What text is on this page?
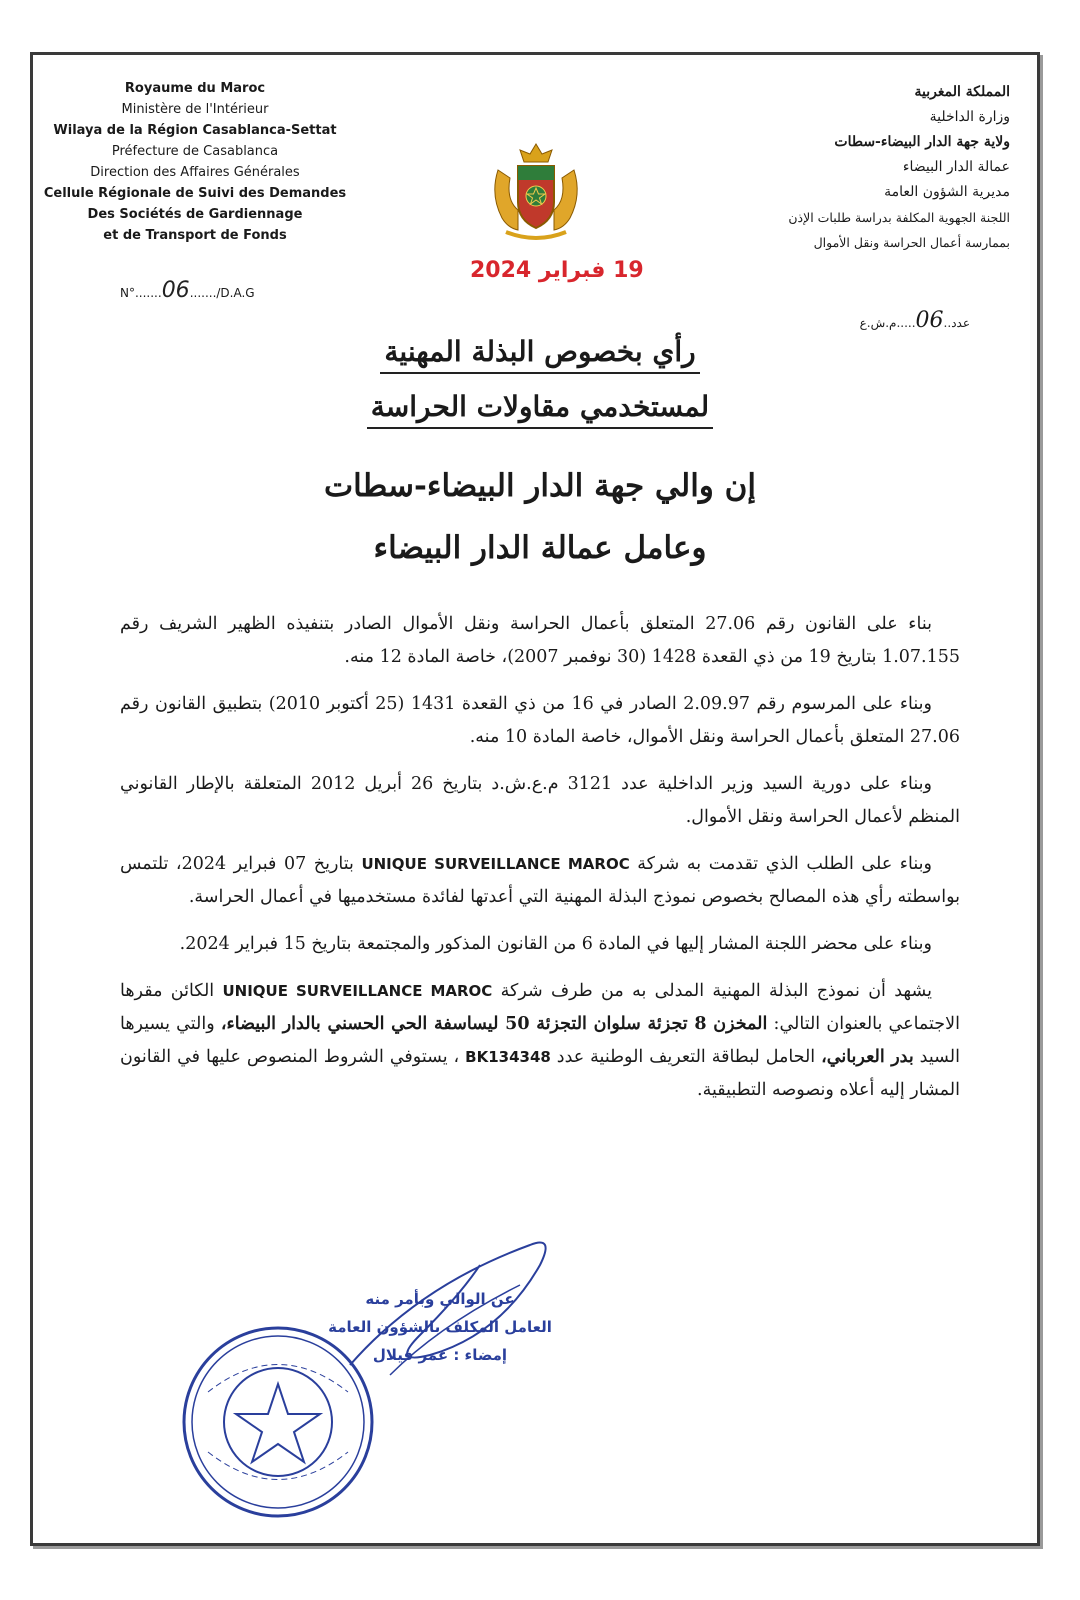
Royaume du Maroc
Ministère de l'Intérieur
Wilaya de la Région Casablanca-Settat
Préfecture de Casablanca
Direction des Affaires Générales
Cellule Régionale de Suivi des Demandes
Des Sociétés de Gardiennage
et de Transport de Fonds
المملكة المغربية
وزارة الداخلية
ولاية جهة الدار البيضاء-سطات
عمالة الدار البيضاء
مديرية الشؤون العامة
اللجنة الجهوية المكلفة بدراسة طلبات الإذن
بممارسة أعمال الحراسة ونقل الأموال
N°.......06......./D.A.G
عدد..06.....م.ش.ع
19 فبراير 2024
رأي بخصوص البذلة المهنية
لمستخدمي مقاولات الحراسة
إن والي جهة الدار البيضاء-سطات
وعامل عمالة الدار البيضاء

بناء على القانون رقم 27.06 المتعلق بأعمال الحراسة ونقل الأموال الصادر بتنفيذه الظهير الشريف رقم 1.07.155 بتاريخ 19 من ذي القعدة 1428 (30 نوفمبر 2007)، خاصة المادة 12 منه.

وبناء على المرسوم رقم 2.09.97 الصادر في 16 من ذي القعدة 1431 (25 أكتوبر 2010) بتطبيق القانون رقم 27.06 المتعلق بأعمال الحراسة ونقل الأموال، خاصة المادة 10 منه.

وبناء على دورية السيد وزير الداخلية عدد 3121 م.ع.ش.د بتاريخ 26 أبريل 2012 المتعلقة بالإطار القانوني المنظم لأعمال الحراسة ونقل الأموال.

وبناء على الطلب الذي تقدمت به شركة UNIQUE SURVEILLANCE MAROC بتاريخ 07 فبراير 2024، تلتمس بواسطته رأي هذه المصالح بخصوص نموذج البذلة المهنية التي أعدتها لفائدة مستخدميها في أعمال الحراسة.

وبناء على محضر اللجنة المشار إليها في المادة 6 من القانون المذكور والمجتمعة بتاريخ 15 فبراير 2024.

يشهد أن نموذج البذلة المهنية المدلى به من طرف شركة UNIQUE SURVEILLANCE MAROC الكائن مقرها الاجتماعي بالعنوان التالي: المخزن 8 تجزئة سلوان التجزئة 50 ليساسفة الحي الحسني بالدار البيضاء، والتي يسيرها السيد بدر العرباني، الحامل لبطاقة التعريف الوطنية عدد BK134348 ، يستوفي الشروط المنصوص عليها في القانون المشار إليه أعلاه ونصوصه التطبيقية.

عن الوالي وبأمر منه
العامل المكلف بالشؤون العامة
إمضاء : عمر فيلال
